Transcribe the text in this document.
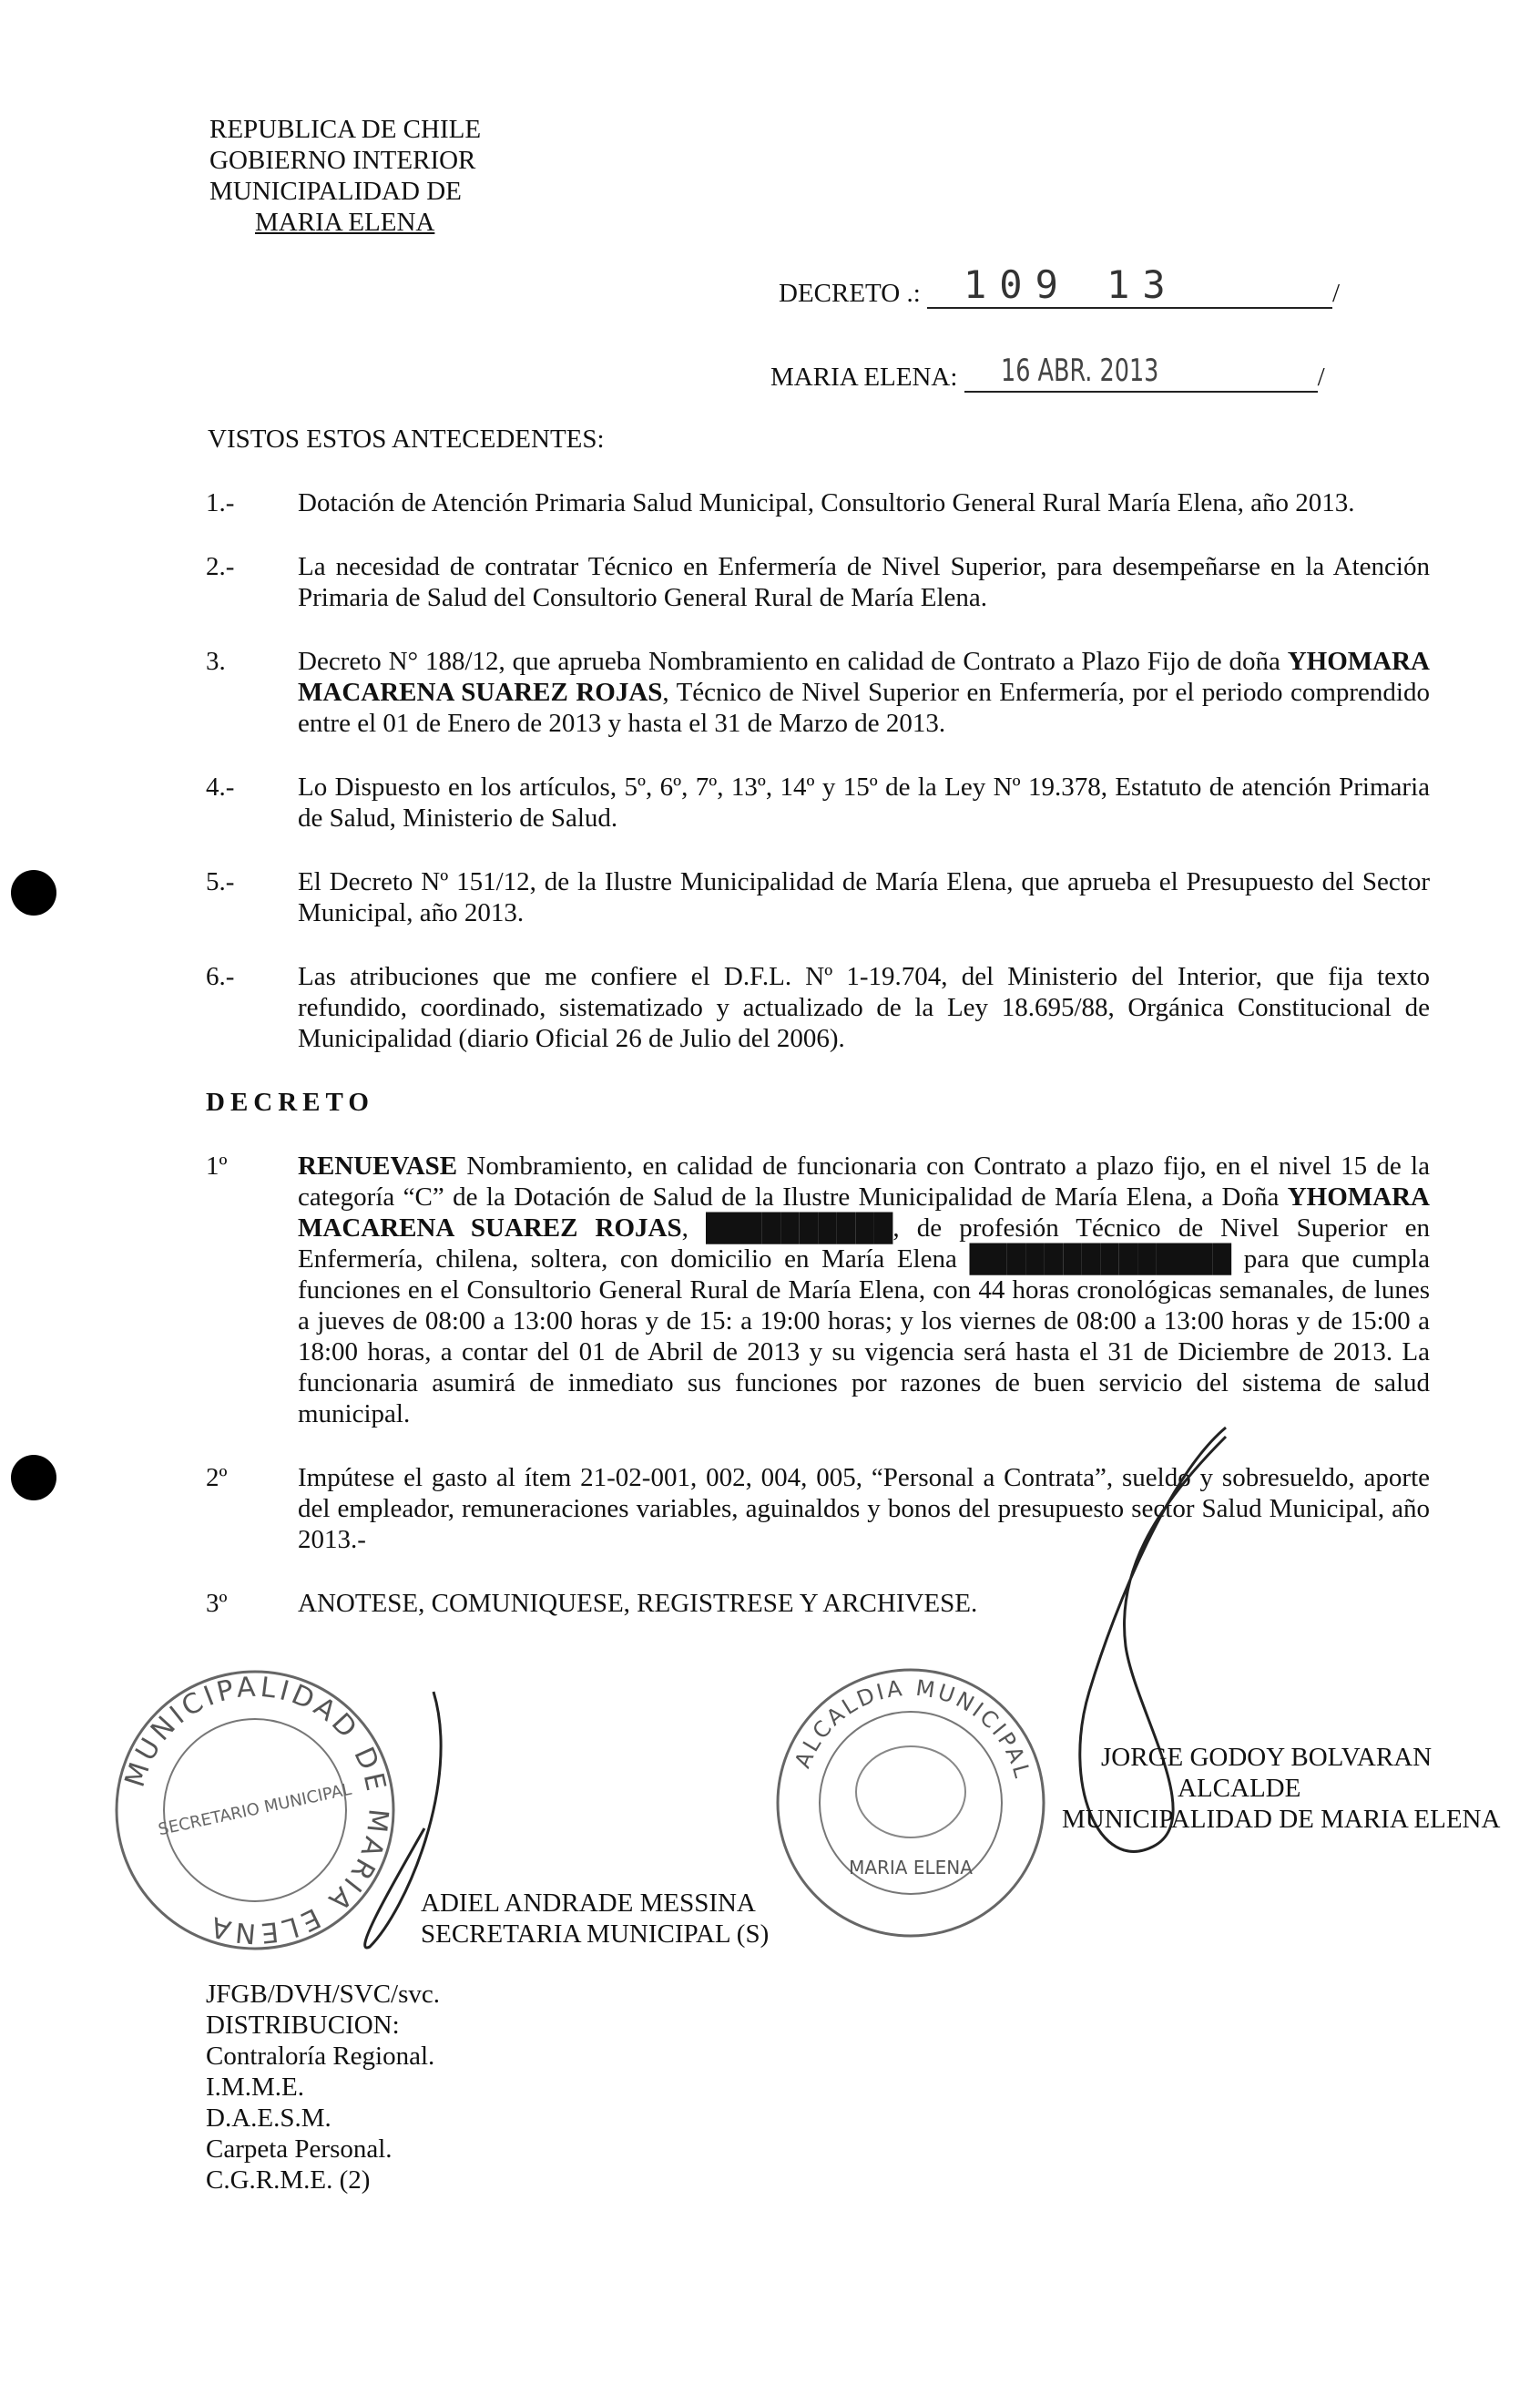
REPUBLICA DE CHILE
GOBIERNO INTERIOR
MUNICIPALIDAD DE
MARIA ELENA
DECRETO .: 109 13	/
MARIA ELENA: 16 ABR. 2013	/
VISTOS ESTOS ANTECEDENTES:
1.- Dotación de Atención Primaria Salud Municipal, Consultorio General Rural María Elena, año 2013.
2.- La necesidad de contratar Técnico en Enfermería de Nivel Superior, para desempeñarse en la Atención Primaria de Salud del Consultorio General Rural de María Elena.
3.	Decreto N° 188/12, que aprueba Nombramiento en calidad de Contrato a Plazo Fijo de doña YHOMARA MACARENA SUAREZ ROJAS, Técnico de Nivel Superior en Enfermería, por el periodo comprendido entre el 01 de Enero de 2013 y hasta el 31 de Marzo de 2013.
4.- Lo Dispuesto en los artículos, 5º, 6º, 7º, 13º, 14º y 15º de la Ley Nº 19.378, Estatuto de atención Primaria de Salud, Ministerio de Salud.
5.- El Decreto Nº 151/12, de la Ilustre Municipalidad de María Elena, que aprueba el Presupuesto del Sector Municipal, año 2013.
6.- Las atribuciones que me confiere el D.F.L. Nº 1-19.704, del Ministerio del Interior, que fija texto refundido, coordinado, sistematizado y actualizado de la Ley 18.695/88, Orgánica Constitucional de Municipalidad (diario Oficial 26 de Julio del 2006).
DECRETO
1º	RENUEVASE Nombramiento, en calidad de funcionaria con Contrato a plazo fijo, en el nivel 15 de la categoría “C” de la Dotación de Salud de la Ilustre Municipalidad de María Elena, a Doña YHOMARA MACARENA SUAREZ ROJAS, ██████████, de profesión Técnico de Nivel Superior en Enfermería, chilena, soltera, con domicilio en María Elena ██████████████ para que cumpla funciones en el Consultorio General Rural de María Elena, con 44 horas cronológicas semanales, de lunes a jueves de 08:00 a 13:00 horas y de 15: a 19:00 horas; y los viernes de 08:00 a 13:00 horas y de 15:00 a 18:00 horas, a contar del 01 de Abril de 2013 y su vigencia será hasta el 31 de Diciembre de 2013. La funcionaria asumirá de inmediato sus funciones por razones de buen servicio del sistema de salud municipal.
2º	Impútese el gasto al ítem 21-02-001, 002, 004, 005, “Personal a Contrata”, sueldo y sobresueldo, aporte del empleador, remuneraciones variables, aguinaldos y bonos del presupuesto sector Salud Municipal, año 2013.-
3º	ANOTESE, COMUNIQUESE, REGISTRESE Y ARCHIVESE.
MUNICIPALIDAD DE MARIA ELENA
SECRETARIO MUNICIPAL
ADIEL ANDRADE MESSINA
SECRETARIA MUNICIPAL (S)
ALCALDIA MUNICIPAL
MARIA ELENA
JORGE GODOY BOLVARAN
ALCALDE
MUNICIPALIDAD DE MARIA ELENA
JFGB/DVH/SVC/svc.
DISTRIBUCION:
Contraloría Regional.
I.M.M.E.
D.A.E.S.M.
Carpeta Personal.
C.G.R.M.E. (2)
